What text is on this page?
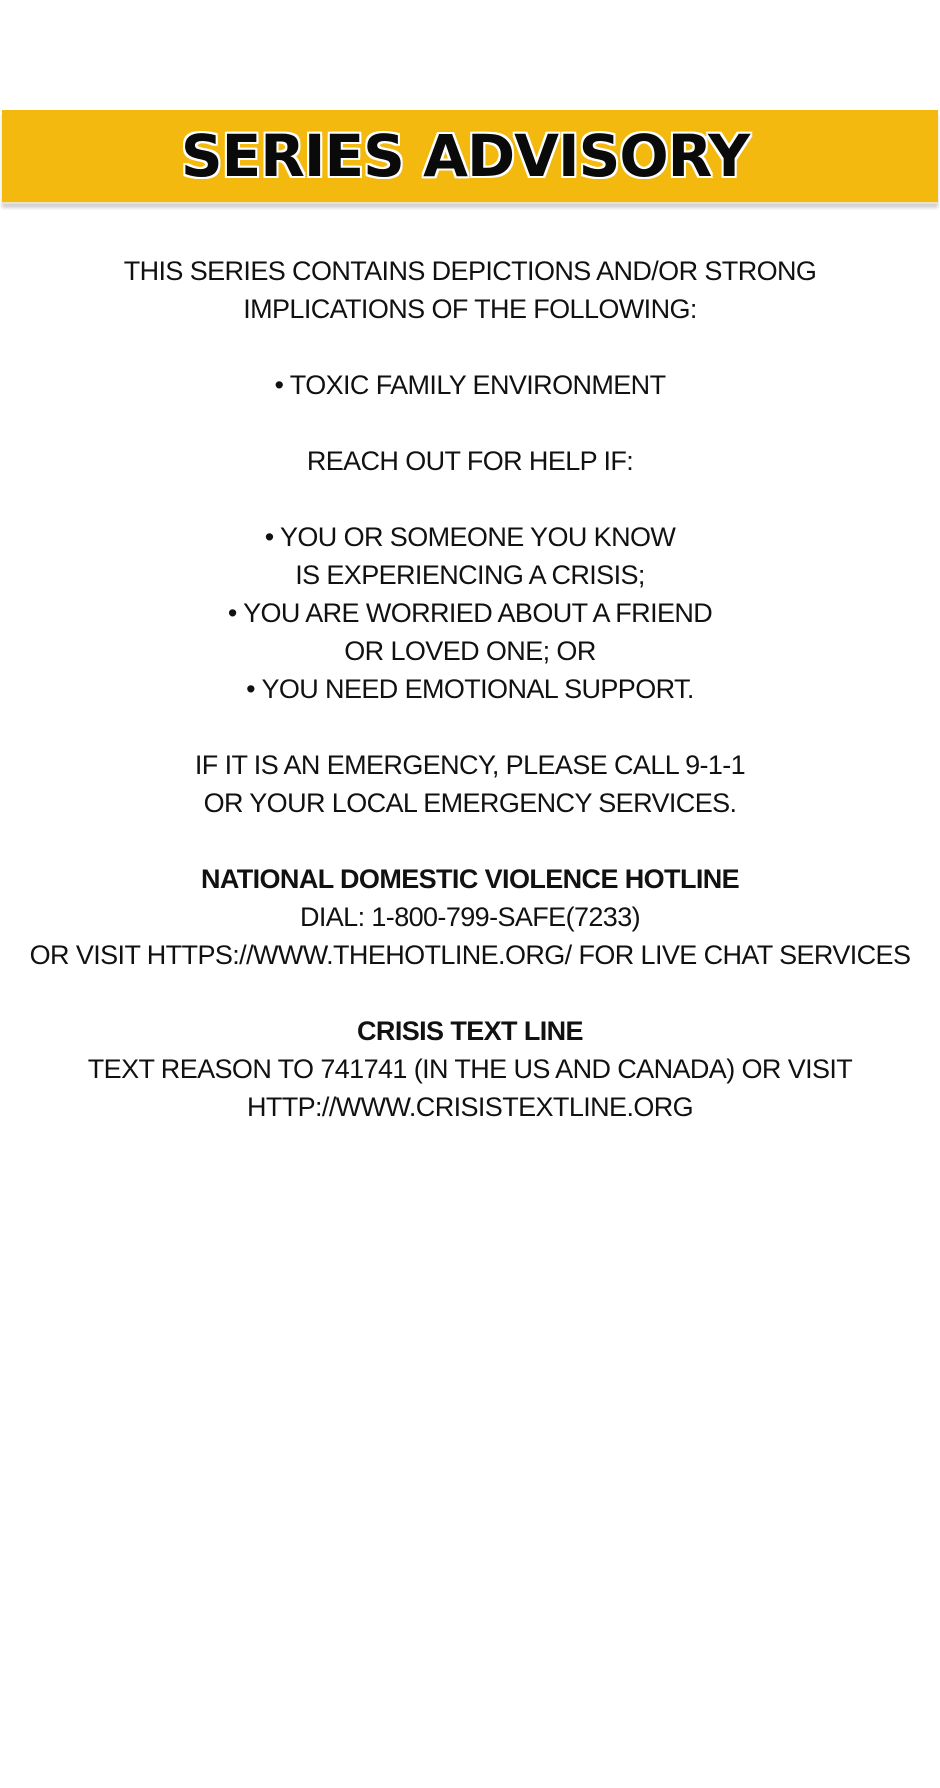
SERIES ADVISORY
THIS SERIES CONTAINS DEPICTIONS AND/OR STRONG
IMPLICATIONS OF THE FOLLOWING:
• TOXIC FAMILY ENVIRONMENT
REACH OUT FOR HELP IF:
• YOU OR SOMEONE YOU KNOW
IS EXPERIENCING A CRISIS;
• YOU ARE WORRIED ABOUT A FRIEND
OR LOVED ONE; OR
• YOU NEED EMOTIONAL SUPPORT.
IF IT IS AN EMERGENCY, PLEASE CALL 9-1-1
OR YOUR LOCAL EMERGENCY SERVICES.
NATIONAL DOMESTIC VIOLENCE HOTLINE
DIAL: 1-800-799-SAFE(7233)
OR VISIT HTTPS://WWW.THEHOTLINE.ORG/ FOR LIVE CHAT SERVICES
CRISIS TEXT LINE
TEXT REASON TO 741741 (IN THE US AND CANADA) OR VISIT
HTTP://WWW.CRISISTEXTLINE.ORG
